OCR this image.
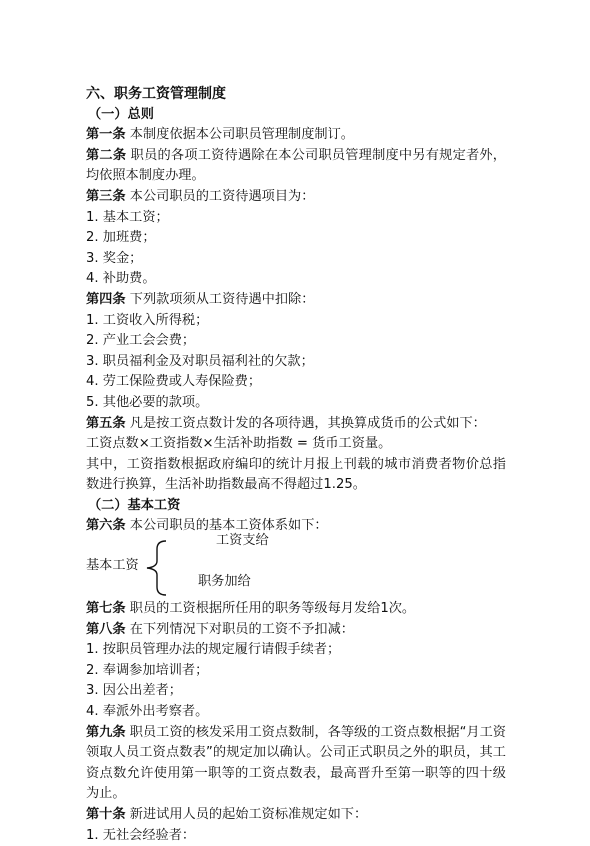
六、职务工资管理制度
（一）总则
第一条 本制度依据本公司职员管理制度制订。
第二条 职员的各项工资待遇除在本公司职员管理制度中另有规定者外，均依照本制度办理。
第三条 本公司职员的工资待遇项目为：
1. 基本工资；
2. 加班费；
3. 奖金；
4. 补助费。
第四条 下列款项须从工资待遇中扣除：
1. 工资收入所得税；
2. 产业工会会费；
3. 职员福利金及对职员福利社的欠款；
4. 劳工保险费或人寿保险费；
5. 其他必要的款项。
第五条 凡是按工资点数计发的各项待遇，其换算成货币的公式如下：
工资点数×工资指数×生活补助指数 = 货币工资量。
其中，工资指数根据政府编印的统计月报上刊载的城市消费者物价总指数进行换算，生活补助指数最高不得超过1.25。
（二）基本工资
第六条 本公司职员的基本工资体系如下：
基本工资
工资支给
职务加给
第七条 职员的工资根据所任用的职务等级每月发给1次。
第八条 在下列情况下对职员的工资不予扣减：
1. 按职员管理办法的规定履行请假手续者；
2. 奉调参加培训者；
3. 因公出差者；
4. 奉派外出考察者。
第九条 职员工资的核发采用工资点数制，各等级的工资点数根据“月工资领取人员工资点数表”的规定加以确认。公司正式职员之外的职员，其工资点数允许使用第一职等的工资点数表，最高晋升至第一职等的四十级为止。
第十条 新进试用人员的起始工资标准规定如下：
1. 无社会经验者：
